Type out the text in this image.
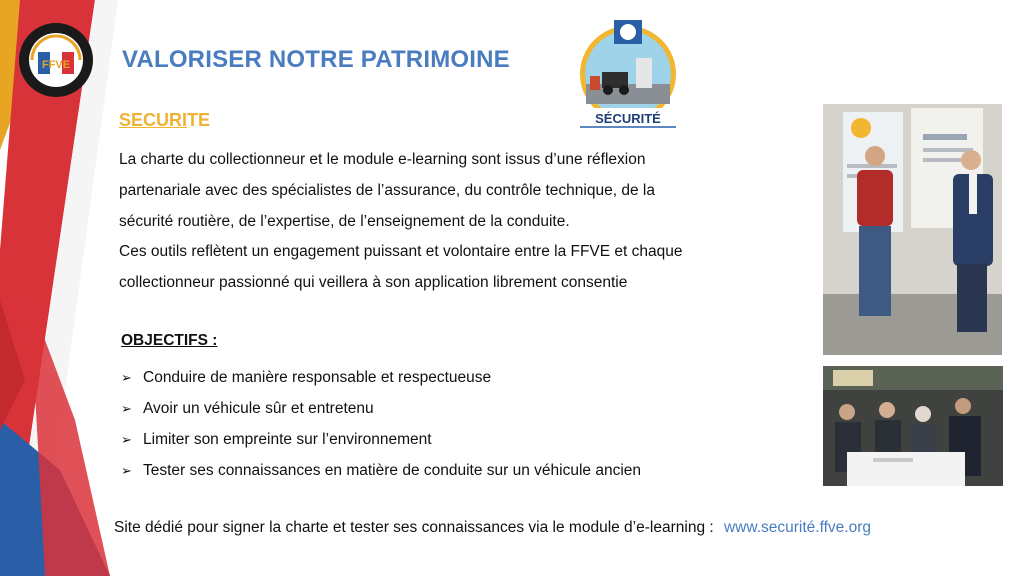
FFVE VALORISER NOTRE PATRIMOINE
SÉCURITÉ
SECURITE

La charte du collectionneur et le module e-learning sont issus d’une réflexion

partenariale avec des spécialistes de l’assurance, du contrôle technique, de la

sécurité routière, de l’expertise, de l’enseignement de la conduite.

Ces outils reflètent un engagement puissant et volontaire entre la FFVE et chaque

collectionneur passionné qui veillera à son application librement consentie

OBJECTIFS :
➢ Conduire de manière responsable et respectueuse
➢ Avoir un véhicule sûr et entretenu
➢ Limiter son empreinte sur l’environnement
➢ Tester ses connaissances en matière de conduite sur un véhicule ancien
Site dédié pour signer la charte et tester ses connaissances via le module d’e-learning : www.securité.ffve.org
